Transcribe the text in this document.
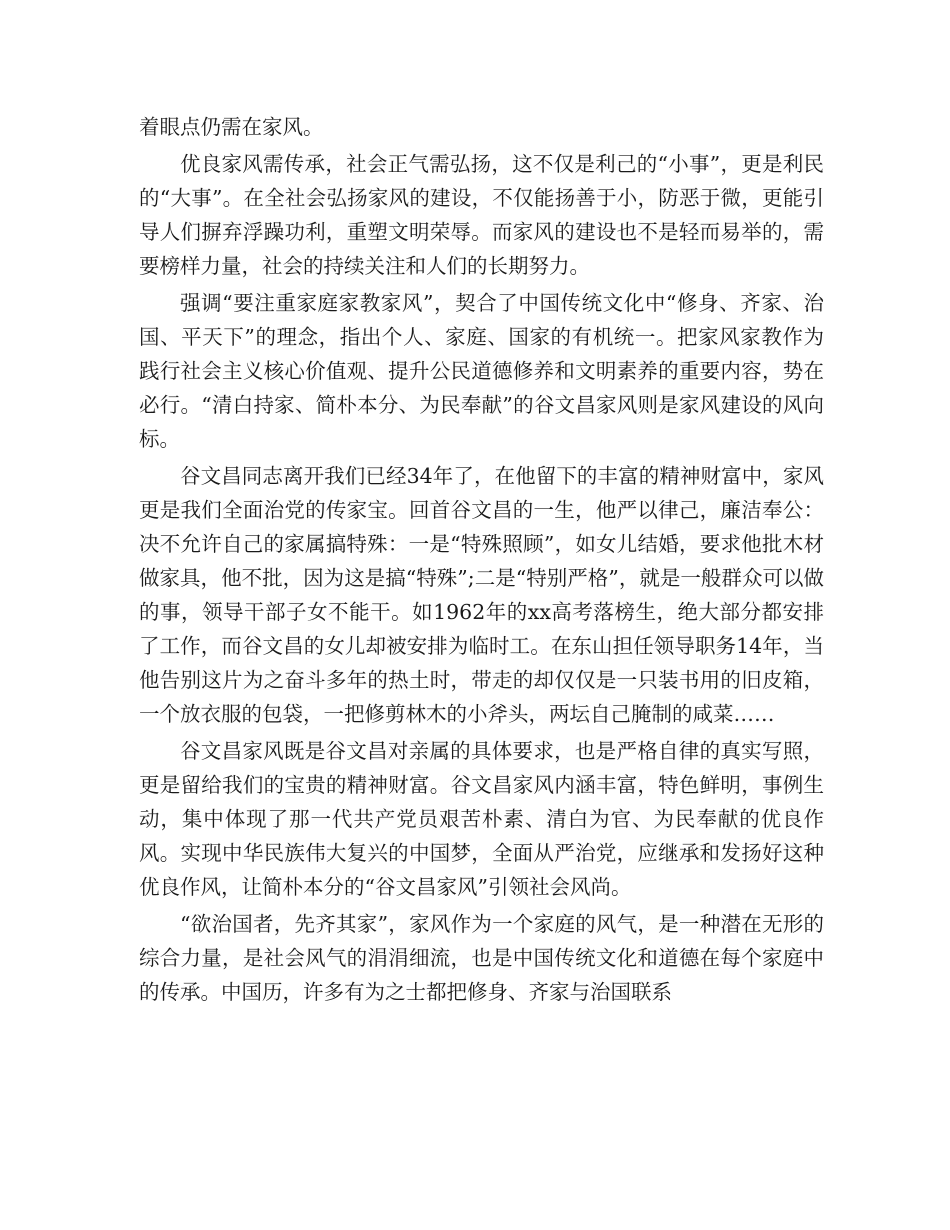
着眼点仍需在家风。

优良家风需传承，社会正气需弘扬，这不仅是利己的“小事”，更是利民的“大事”。在全社会弘扬家风的建设，不仅能扬善于小，防恶于微，更能引导人们摒弃浮躁功利，重塑文明荣辱。而家风的建设也不是轻而易举的，需要榜样力量，社会的持续关注和人们的长期努力。

强调“要注重家庭家教家风”，契合了中国传统文化中“修身、齐家、治国、平天下”的理念，指出个人、家庭、国家的有机统一。把家风家教作为践行社会主义核心价值观、提升公民道德修养和文明素养的重要内容，势在必行。“清白持家、简朴本分、为民奉献”的谷文昌家风则是家风建设的风向标。

谷文昌同志离开我们已经34年了，在他留下的丰富的精神财富中，家风更是我们全面治党的传家宝。回首谷文昌的一生，他严以律己，廉洁奉公：决不允许自己的家属搞特殊：一是“特殊照顾”，如女儿结婚，要求他批木材做家具，他不批，因为这是搞“特殊”;二是“特别严格”，就是一般群众可以做的事，领导干部子女不能干。如1962年的xx高考落榜生，绝大部分都安排了工作，而谷文昌的女儿却被安排为临时工。在东山担任领导职务14年，当他告别这片为之奋斗多年的热土时，带走的却仅仅是一只装书用的旧皮箱，一个放衣服的包袋，一把修剪林木的小斧头，两坛自己腌制的咸菜……

谷文昌家风既是谷文昌对亲属的具体要求，也是严格自律的真实写照，更是留给我们的宝贵的精神财富。谷文昌家风内涵丰富，特色鲜明，事例生动，集中体现了那一代共产党员艰苦朴素、清白为官、为民奉献的优良作风。实现中华民族伟大复兴的中国梦，全面从严治党，应继承和发扬好这种优良作风，让简朴本分的“谷文昌家风”引领社会风尚。

“欲治国者，先齐其家”，家风作为一个家庭的风气，是一种潜在无形的综合力量，是社会风气的涓涓细流，也是中国传统文化和道德在每个家庭中的传承。中国历，许多有为之士都把修身、齐家与治国联系
